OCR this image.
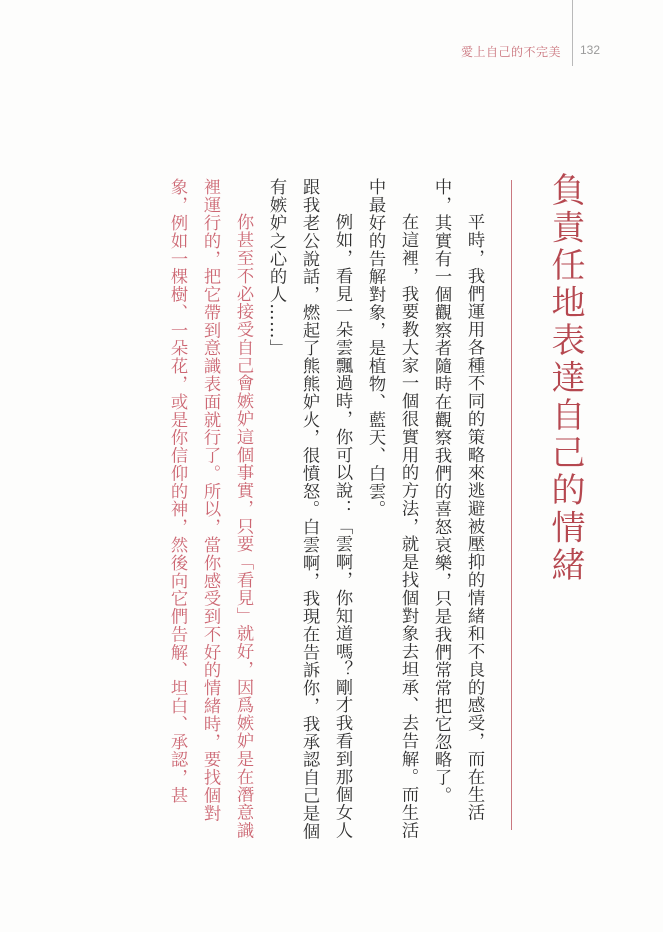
愛上自己的不完美 132
負責任地表達自己的情緒

平時，我們運用各種不同的策略來逃避被壓抑的情緒和不良的感受，而在生活中，其實有一個觀察者隨時在觀察我們的喜怒哀樂，只是我們常常把它忽略了。

在這裡，我要教大家一個很實用的方法，就是找個對象去坦承、去告解。而生活中最好的告解對象，是植物、藍天、白雲。

例如，看見一朵雲飄過時，你可以說：「雲啊，你知道嗎？剛才我看到那個女人跟我老公說話，燃起了熊熊妒火，很憤怒。白雲啊，我現在告訴你，我承認自己是個有嫉妒之心的人……」

你甚至不必接受自己會嫉妒這個事實，只要「看見」就好，因爲嫉妒是在潛意識裡運行的，把它帶到意識表面就行了。所以，當你感受到不好的情緒時，要找個對象，例如一棵樹、一朵花，或是你信仰的神，然後向它們告解、坦白、承認，甚
